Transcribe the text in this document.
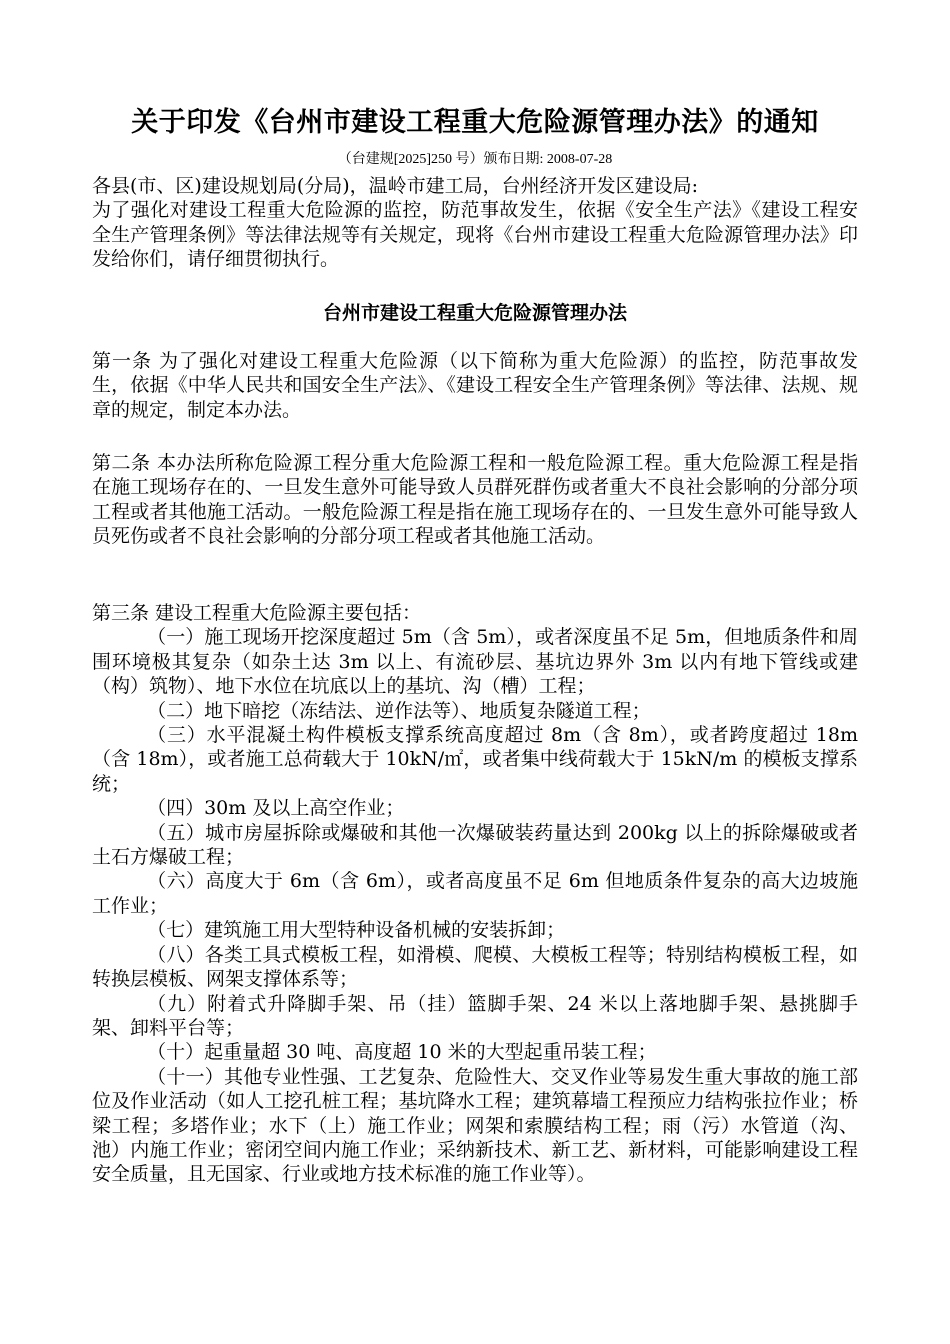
关于印发《台州市建设工程重大危险源管理办法》的通知
（台建规[2025]250 号）颁布日期: 2008-07-28

各县(市、区)建设规划局(分局)，温岭市建工局，台州经济开发区建设局:

为了强化对建设工程重大危险源的监控，防范事故发生，依据《安全生产法》《建设工程安全生产管理条例》等法律法规等有关规定，现将《台州市建设工程重大危险源管理办法》印发给你们，请仔细贯彻执行。

台州市建设工程重大危险源管理办法

第一条 为了强化对建设工程重大危险源（以下简称为重大危险源）的监控，防范事故发生，依据《中华人民共和国安全生产法》、《建设工程安全生产管理条例》等法律、法规、规章的规定，制定本办法。

第二条 本办法所称危险源工程分重大危险源工程和一般危险源工程。重大危险源工程是指在施工现场存在的、一旦发生意外可能导致人员群死群伤或者重大不良社会影响的分部分项工程或者其他施工活动。一般危险源工程是指在施工现场存在的、一旦发生意外可能导致人员死伤或者不良社会影响的分部分项工程或者其他施工活动。

第三条 建设工程重大危险源主要包括：

（一）施工现场开挖深度超过 5m（含 5m），或者深度虽不足 5m，但地质条件和周围环境极其复杂（如杂土达 3m 以上、有流砂层、基坑边界外 3m 以内有地下管线或建（构）筑物）、地下水位在坑底以上的基坑、沟（槽）工程；

（二）地下暗挖（冻结法、逆作法等）、地质复杂隧道工程；

（三）水平混凝土构件模板支撑系统高度超过 8m（含 8m），或者跨度超过 18m（含 18m），或者施工总荷载大于 10kN/㎡，或者集中线荷载大于 15kN/m 的模板支撑系统；

（四）30m 及以上高空作业；

（五）城市房屋拆除或爆破和其他一次爆破装药量达到 200kg 以上的拆除爆破或者土石方爆破工程；

（六）高度大于 6m（含 6m），或者高度虽不足 6m 但地质条件复杂的高大边坡施工作业；

（七）建筑施工用大型特种设备机械的安装拆卸；

（八）各类工具式模板工程，如滑模、爬模、大模板工程等；特别结构模板工程，如转换层模板、网架支撑体系等；

（九）附着式升降脚手架、吊（挂）篮脚手架、24 米以上落地脚手架、悬挑脚手架、卸料平台等；

（十）起重量超 30 吨、高度超 10 米的大型起重吊装工程；

（十一）其他专业性强、工艺复杂、危险性大、交叉作业等易发生重大事故的施工部位及作业活动（如人工挖孔桩工程；基坑降水工程；建筑幕墙工程预应力结构张拉作业；桥梁工程；多塔作业；水下（上）施工作业；网架和索膜结构工程；雨（污）水管道（沟、池）内施工作业；密闭空间内施工作业；采纳新技术、新工艺、新材料，可能影响建设工程安全质量，且无国家、行业或地方技术标准的施工作业等）。
